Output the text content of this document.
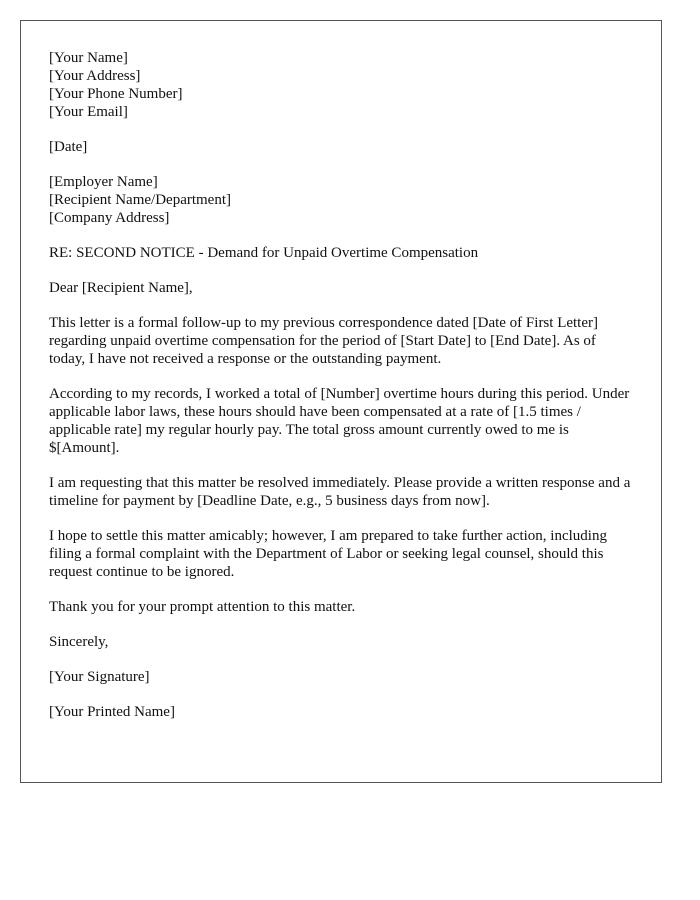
[Your Name]
[Your Address]
[Your Phone Number]
[Your Email]
[Date]
[Employer Name]
[Recipient Name/Department]
[Company Address]

RE: SECOND NOTICE - Demand for Unpaid Overtime Compensation

Dear [Recipient Name],

This letter is a formal follow-up to my previous correspondence dated [Date of First Letter] regarding unpaid overtime compensation for the period of [Start Date] to [End Date]. As of today, I have not received a response or the outstanding payment.

According to my records, I worked a total of [Number] overtime hours during this period. Under applicable labor laws, these hours should have been compensated at a rate of [1.5 times / applicable rate] my regular hourly pay. The total gross amount currently owed to me is $[Amount].

I am requesting that this matter be resolved immediately. Please provide a written response and a timeline for payment by [Deadline Date, e.g., 5 business days from now].

I hope to settle this matter amicably; however, I am prepared to take further action, including filing a formal complaint with the Department of Labor or seeking legal counsel, should this request continue to be ignored.

Thank you for your prompt attention to this matter.

Sincerely,

[Your Signature]

[Your Printed Name]
